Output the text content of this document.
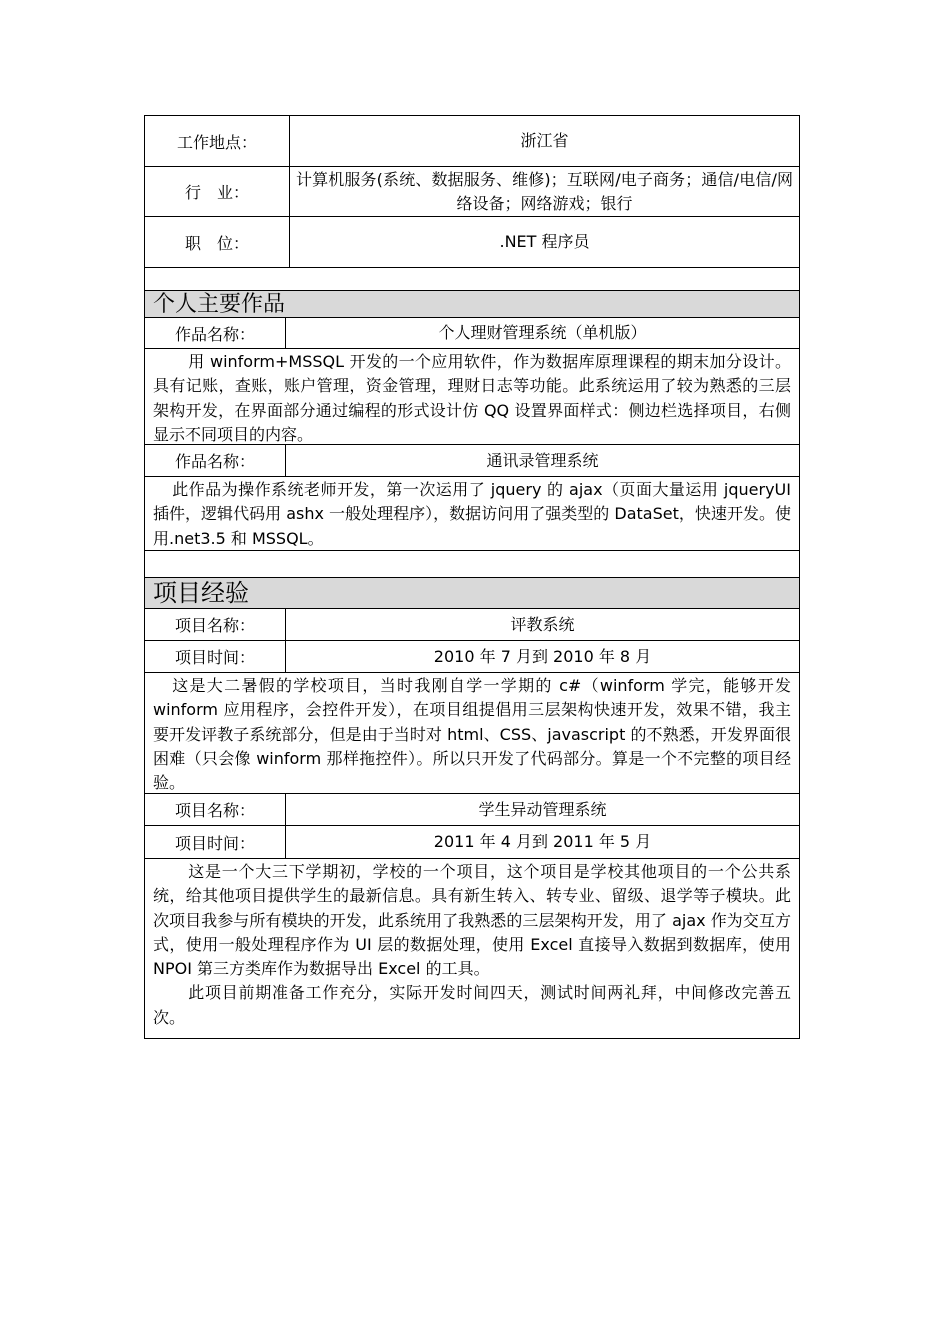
工作地点：	浙江省
行　业：
计算机服务(系统、数据服务、维修)；互联网/电子商务；通信/电信/网络设备；网络游戏；银行
职　位：	.NET 程序员
个人主要作品
作品名称：	个人理财管理系统（单机版）

用 winform+MSSQL 开发的一个应用软件，作为数据库原理课程的期末加分设计。具有记账，查账，账户管理，资金管理，理财日志等功能。此系统运用了较为熟悉的三层架构开发，在界面部分通过编程的形式设计仿 QQ 设置界面样式：侧边栏选择项目，右侧显示不同项目的内容。

作品名称：	通讯录管理系统

此作品为操作系统老师开发，第一次运用了 jquery 的 ajax（页面大量运用 jqueryUI 插件，逻辑代码用 ashx 一般处理程序），数据访问用了强类型的 DataSet，快速开发。使用.net3.5 和 MSSQL。

项目经验
项目名称：	评教系统
项目时间：	2010 年 7 月到 2010 年 8 月

这是大二暑假的学校项目，当时我刚自学一学期的 c#（winform 学完，能够开发 winform 应用程序，会控件开发），在项目组提倡用三层架构快速开发，效果不错，我主要开发评教子系统部分，但是由于当时对 html、CSS、javascript 的不熟悉，开发界面很困难（只会像 winform 那样拖控件）。所以只开发了代码部分。算是一个不完整的项目经验。

项目名称：	学生异动管理系统
项目时间：	2011 年 4 月到 2011 年 5 月

这是一个大三下学期初，学校的一个项目，这个项目是学校其他项目的一个公共系统，给其他项目提供学生的最新信息。具有新生转入、转专业、留级、退学等子模块。此次项目我参与所有模块的开发，此系统用了我熟悉的三层架构开发，用了 ajax 作为交互方式，使用一般处理程序作为 UI 层的数据处理，使用 Excel 直接导入数据到数据库，使用 NPOI 第三方类库作为数据导出 Excel 的工具。

此项目前期准备工作充分，实际开发时间四天，测试时间两礼拜，中间修改完善五次。
